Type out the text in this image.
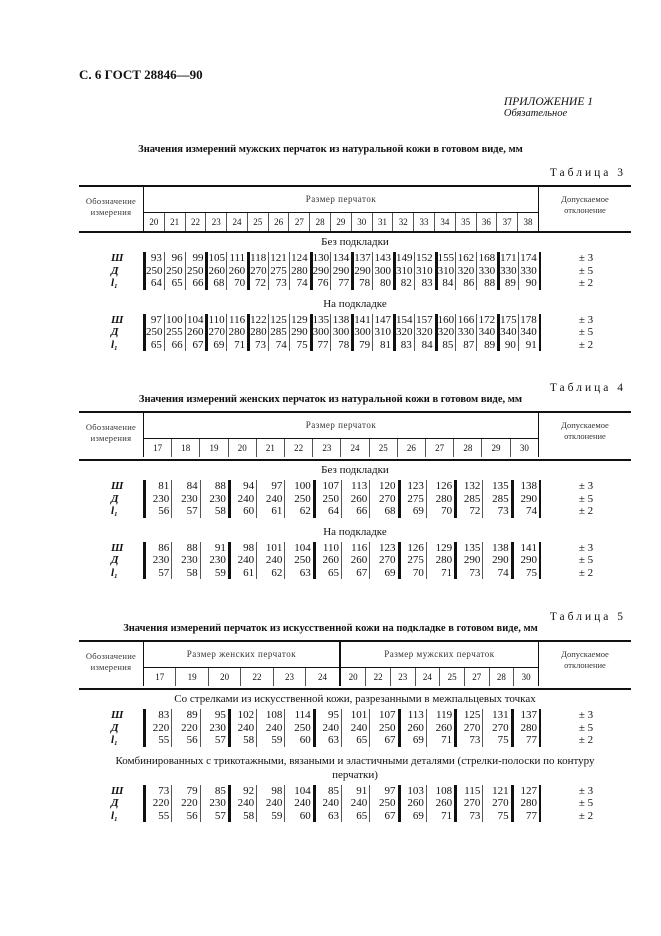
С. 6 ГОСТ 28846—90
ПРИЛОЖЕНИЕ 1
Обязательное
Значения измерений мужских перчаток из натуральной кожи в готовом виде, мм
Таблица 3
Обозначение
измерения
	Размер перчаток	Допускаемое
отклонение

	20	21	22	23	24	25	26	27	28	29	30	31	32	33	34	35	36	37	38	
Без подкладки
Ш	93 96 99 105 111 118 121 124 130 134 137 143 149 152 155 162 168 171 174	± 3
Д	250 250 250 260 260 270 275 280 290 290 290 300 310 310 310 320 330 330 330	± 5
l₁	64 65 66 68 70 72 73 74 76 77 78 80 82 83 84 86 88 89 90	± 2
На подкладке
Ш	97 100 104 110 116 122 125 129 135 138 141 147 154 157 160 166 172 175 178	± 3
Д	250 255 260 270 280 280 285 290 300 300 300 310 320 320 320 330 340 340 340	± 5
l₁	65 66 67 69 71 73 74 75 77 78 79 81 83 84 85 87 89 90 91	± 2
Таблица 4
Значения измерений женских перчаток из натуральной кожи в готовом виде, мм
Обозначение
измерения
	Размер перчаток	Допускаемое
отклонение

	17	18	19	20	21	22	23	24	25	26	27	28	29	30	
Без подкладки
Ш	81	84	88	94	97	100	107	113	120	123	126	132	135	138	± 3
Д	230	230	230	240	240	250	250	260	270	275	280	285	285	290	± 5
l₁	56	57	58	60	61	62	64	66	68	69	70	72	73	74	± 2
На подкладке
Ш	86	88	91	98	101	104	110	116	123	126	129	135	138	141	± 3
Д	230	230	230	240	240	250	260	260	270	275	280	290	290	290	± 5
l₁	57	58	59	61	62	63	65	67	69	70	71	73	74	75	± 2
Таблица 5
Значения измерений перчаток из искусственной кожи на подкладке в готовом виде, мм
Обозначение
измерения
	Размер женских перчаток	Размер мужских перчаток	Допускаемое
отклонение

	17	19	20	22	23	24	20	22	23	24	25	27	28	30	
Со стрелками из искусственной кожи, разрезанными в межпальцевых точках
Ш	83	89	95	102	108	114	95	101	107	113	119	125	131	137	± 3
Д	220	220	230	240	240	250	240	240	250	260	260	270	270	280	± 5
l₁	55	56	57	58	59	60	63	65	67	69	71	73	75	77	± 2
Комбинированных с трикотажными, вязаными и эластичными деталями (стрелки-полоски по контуру
перчатки)
Ш	73	79	85	92	98	104	85	91	97	103	108	115	121	127	± 3
Д	220	220	230	240	240	240	240	240	250	260	260	270	270	280	± 5
l₁	55	56	57	58	59	60	63	65	67	69	71	73	75	77	± 2
